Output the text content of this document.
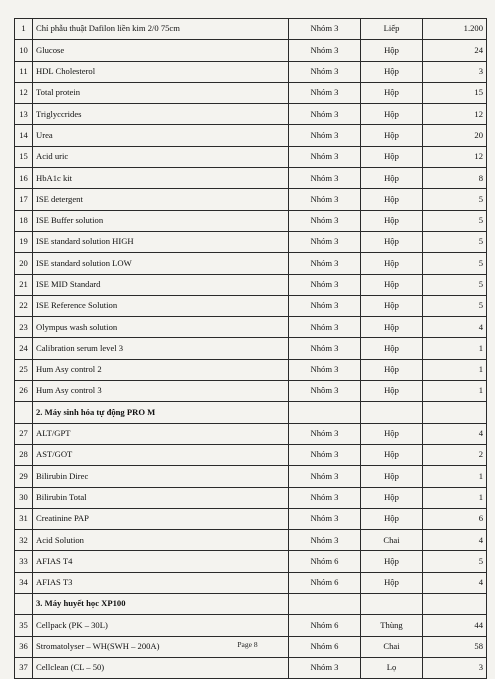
1	Chỉ phẫu thuật Dafilon liền kim 2/0 75cm	Nhóm 3	Liếp	1.200
10	Glucose	Nhóm 3	Hộp	24
11	HDL Cholesterol	Nhóm 3	Hộp	3
12	Total protein	Nhóm 3	Hộp	15
13	Triglyccrides	Nhóm 3	Hộp	12
14	Urea	Nhóm 3	Hộp	20
15	Acid uric	Nhóm 3	Hộp	12
16	HbA1c kit	Nhóm 3	Hộp	8
17	ISE detergent	Nhóm 3	Hộp	5
18	ISE Buffer solution	Nhóm 3	Hộp	5
19	ISE standard solution HIGH	Nhóm 3	Hộp	5
20	ISE standard solution LOW	Nhóm 3	Hộp	5
21	ISE MID Standard	Nhóm 3	Hộp	5
22	ISE Reference Solution	Nhóm 3	Hộp	5
23	Olympus wash solution	Nhóm 3	Hộp	4
24	Calibration serum level 3	Nhóm 3	Hộp	1
25	Hum Asy control 2	Nhóm 3	Hộp	1
26	Hum Asy control 3	Nhôm 3	Hộp	1
	2. Máy sinh hóa tự động PRO M			
27	ALT/GPT	Nhóm 3	Hộp	4
28	AST/GOT	Nhóm 3	Hộp	2
29	Bilirubin Direc	Nhóm 3	Hộp	1
30	Bilirubin Total	Nhóm 3	Hộp	1
31	Creatinine PAP	Nhóm 3	Hộp	6
32	Acid Solution	Nhóm 3	Chai	4
33	AFIAS T4	Nhóm 6	Hộp	5
34	AFIAS T3	Nhóm 6	Hộp	4
	3. Máy huyết học XP100			
35	Cellpack (PK – 30L)	Nhóm 6	Thùng	44
36	Stromatolyser – WH(SWH – 200A)	Nhóm 6	Chai	58
37	Cellclean (CL – 50)	Nhóm 3	Lọ	3
Page 8
